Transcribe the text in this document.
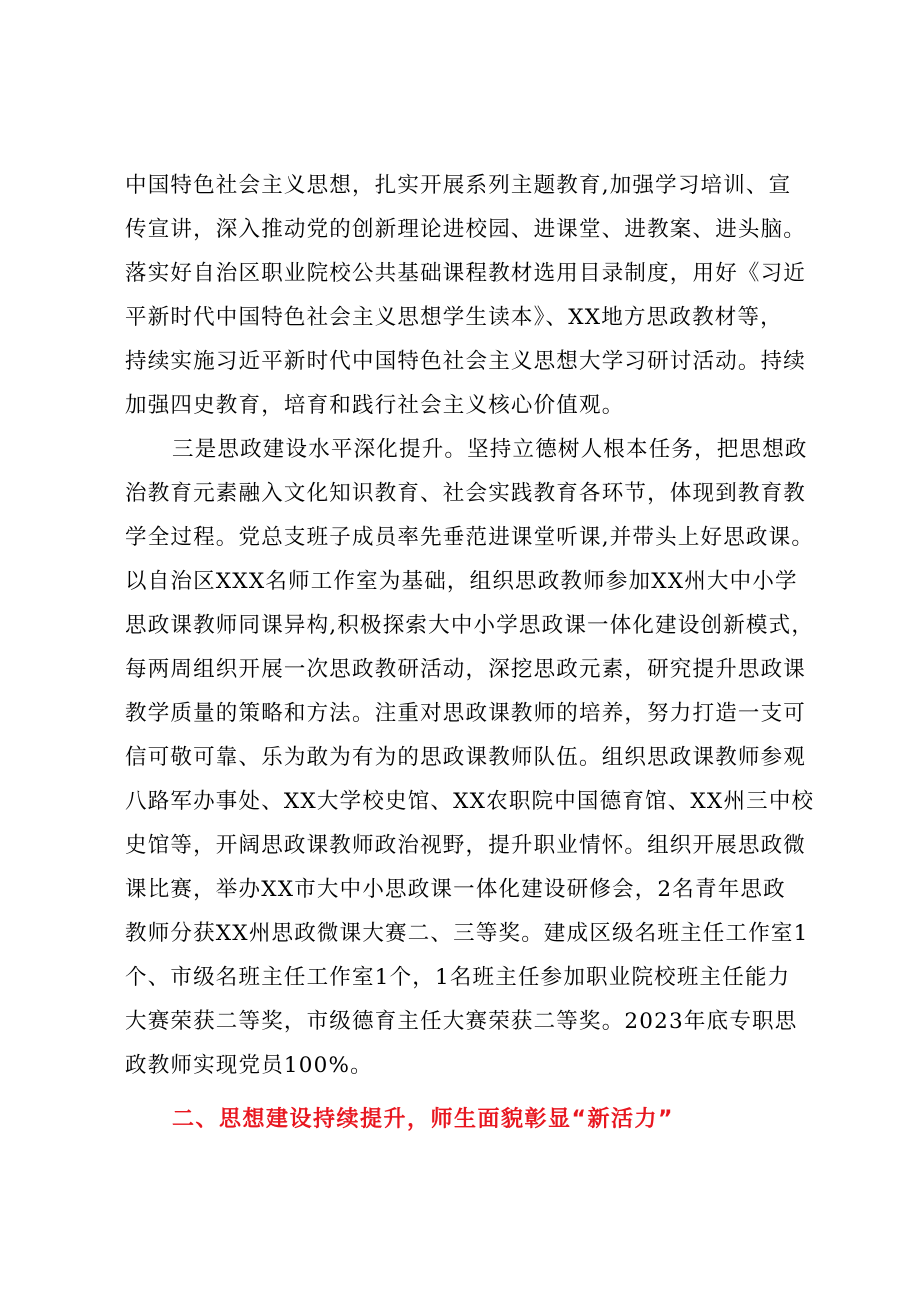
中国特色社会主义思想，扎实开展系列主题教育,加强学习培训、宣
传宣讲，深入推动党的创新理论进校园、进课堂、进教案、进头脑。
落实好自治区职业院校公共基础课程教材选用目录制度，用好《习近
平新时代中国特色社会主义思想学生读本》、XX地方思政教材等，
持续实施习近平新时代中国特色社会主义思想大学习研讨活动。持续
加强四史教育，培育和践行社会主义核心价值观。
三是思政建设水平深化提升。坚持立德树人根本任务，把思想政
治教育元素融入文化知识教育、社会实践教育各环节，体现到教育教
学全过程。党总支班子成员率先垂范进课堂听课,并带头上好思政课。
以自治区XXX名师工作室为基础，组织思政教师参加XX州大中小学
思政课教师同课异构,积极探索大中小学思政课一体化建设创新模式，
每两周组织开展一次思政教研活动，深挖思政元素，研究提升思政课
教学质量的策略和方法。注重对思政课教师的培养，努力打造一支可
信可敬可靠、乐为敢为有为的思政课教师队伍。组织思政课教师参观
八路军办事处、XX大学校史馆、XX农职院中国德育馆、XX州三中校
史馆等，开阔思政课教师政治视野，提升职业情怀。组织开展思政微
课比赛，举办XX市大中小思政课一体化建设研修会，2名青年思政
教师分获XX州思政微课大赛二、三等奖。建成区级名班主任工作室1
个、市级名班主任工作室1个，1名班主任参加职业院校班主任能力
大赛荣获二等奖，市级德育主任大赛荣获二等奖。2023年底专职思
政教师实现党员100%。
二、思想建设持续提升，师生面貌彰显“新活力”
